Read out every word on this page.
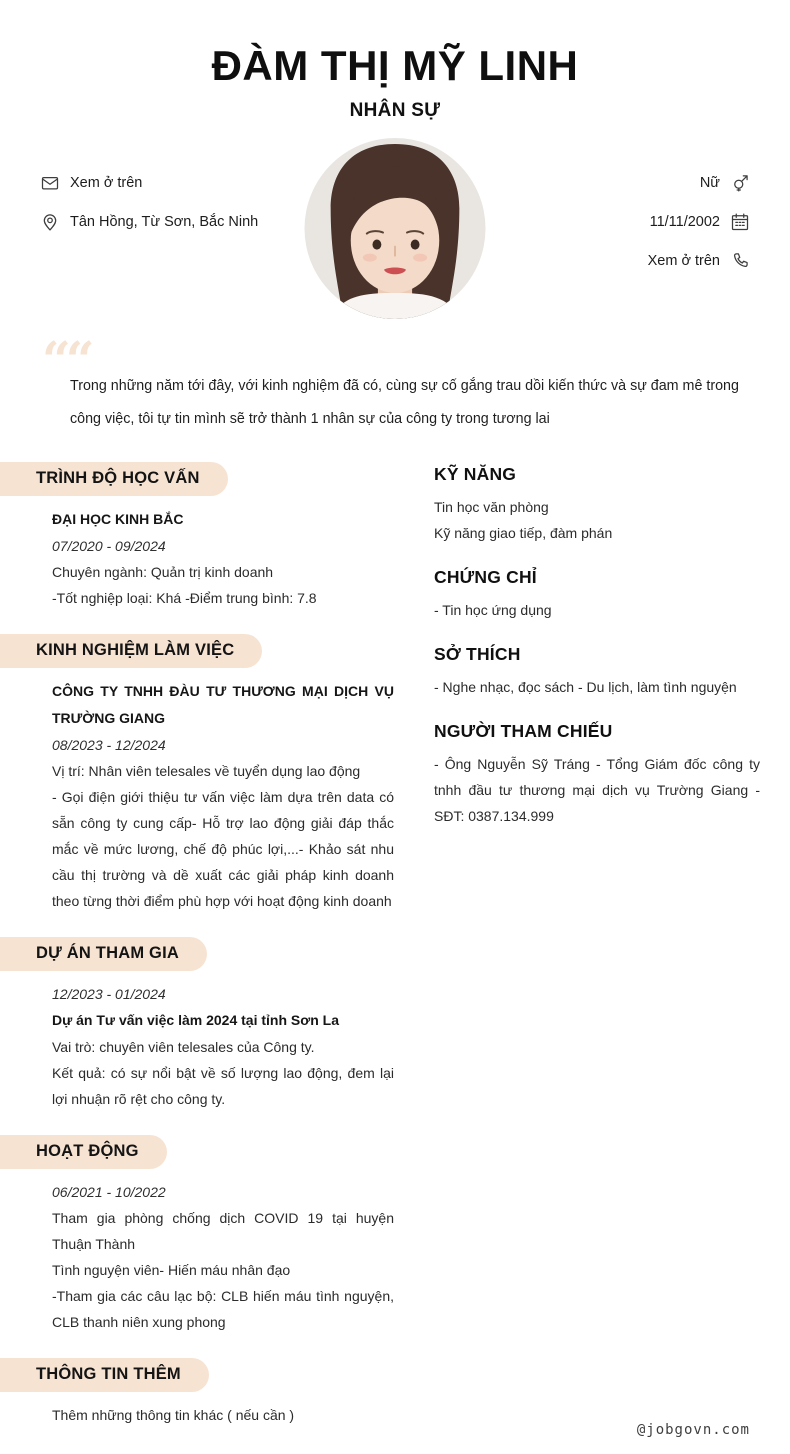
ĐÀM THỊ MỸ LINH
NHÂN SỰ
Xem ở trên
Tân Hồng, Từ Sơn, Bắc Ninh
Nữ
11/11/2002
Xem ở trên
““

Trong những năm tới đây, với kinh nghiệm đã có, cùng sự cố gắng trau dồi kiến thức và sự đam mê trong công việc, tôi tự tin mình sẽ trở thành 1 nhân sự của công ty trong tương lai

TRÌNH ĐỘ HỌC VẤN

ĐẠI HỌC KINH BẮC

07/2020 - 09/2024

Chuyên ngành: Quản trị kinh doanh

-Tốt nghiệp loại: Khá -Điểm trung bình: 7.8

KINH NGHIỆM LÀM VIỆC

CÔNG TY TNHH ĐÀU TƯ THƯƠNG MẠI DỊCH VỤ TRƯỜNG GIANG

08/2023 - 12/2024

Vị trí: Nhân viên telesales về tuyển dụng lao động

- Gọi điện giới thiệu tư vấn việc làm dựa trên data có sẵn công ty cung cấp- Hỗ trợ lao động giải đáp thắc mắc về mức lương, chế độ phúc lợi,...- Khảo sát nhu cầu thị trường và dề xuất các giải pháp kinh doanh theo từng thời điểm phù hợp với hoạt động kinh doanh

DỰ ÁN THAM GIA

12/2023 - 01/2024

Dự án Tư vấn việc làm 2024 tại tỉnh Sơn La

Vai trò: chuyên viên telesales của Công ty.

Kết quả: có sự nổi bật về số lượng lao động, đem lại lợi nhuận rõ rệt cho công ty.

HOẠT ĐỘNG

06/2021 - 10/2022

Tham gia phòng chống dịch COVID 19 tại huyện Thuận Thành

Tình nguyện viên- Hiến máu nhân đạo

-Tham gia các câu lạc bộ: CLB hiến máu tình nguyện, CLB thanh niên xung phong

THÔNG TIN THÊM

Thêm những thông tin khác ( nếu cần )

KỸ NĂNG

Tin học văn phòng

Kỹ năng giao tiếp, đàm phán

CHỨNG CHỈ

- Tin học ứng dụng

SỞ THÍCH

- Nghe nhạc, đọc sách - Du lịch, làm tình nguyện

NGƯỜI THAM CHIẾU

- Ông Nguyễn Sỹ Tráng - Tổng Giám đốc công ty tnhh đầu tư thương mại dịch vụ Trường Giang - SĐT: 0387.134.999

@jobgovn.com
